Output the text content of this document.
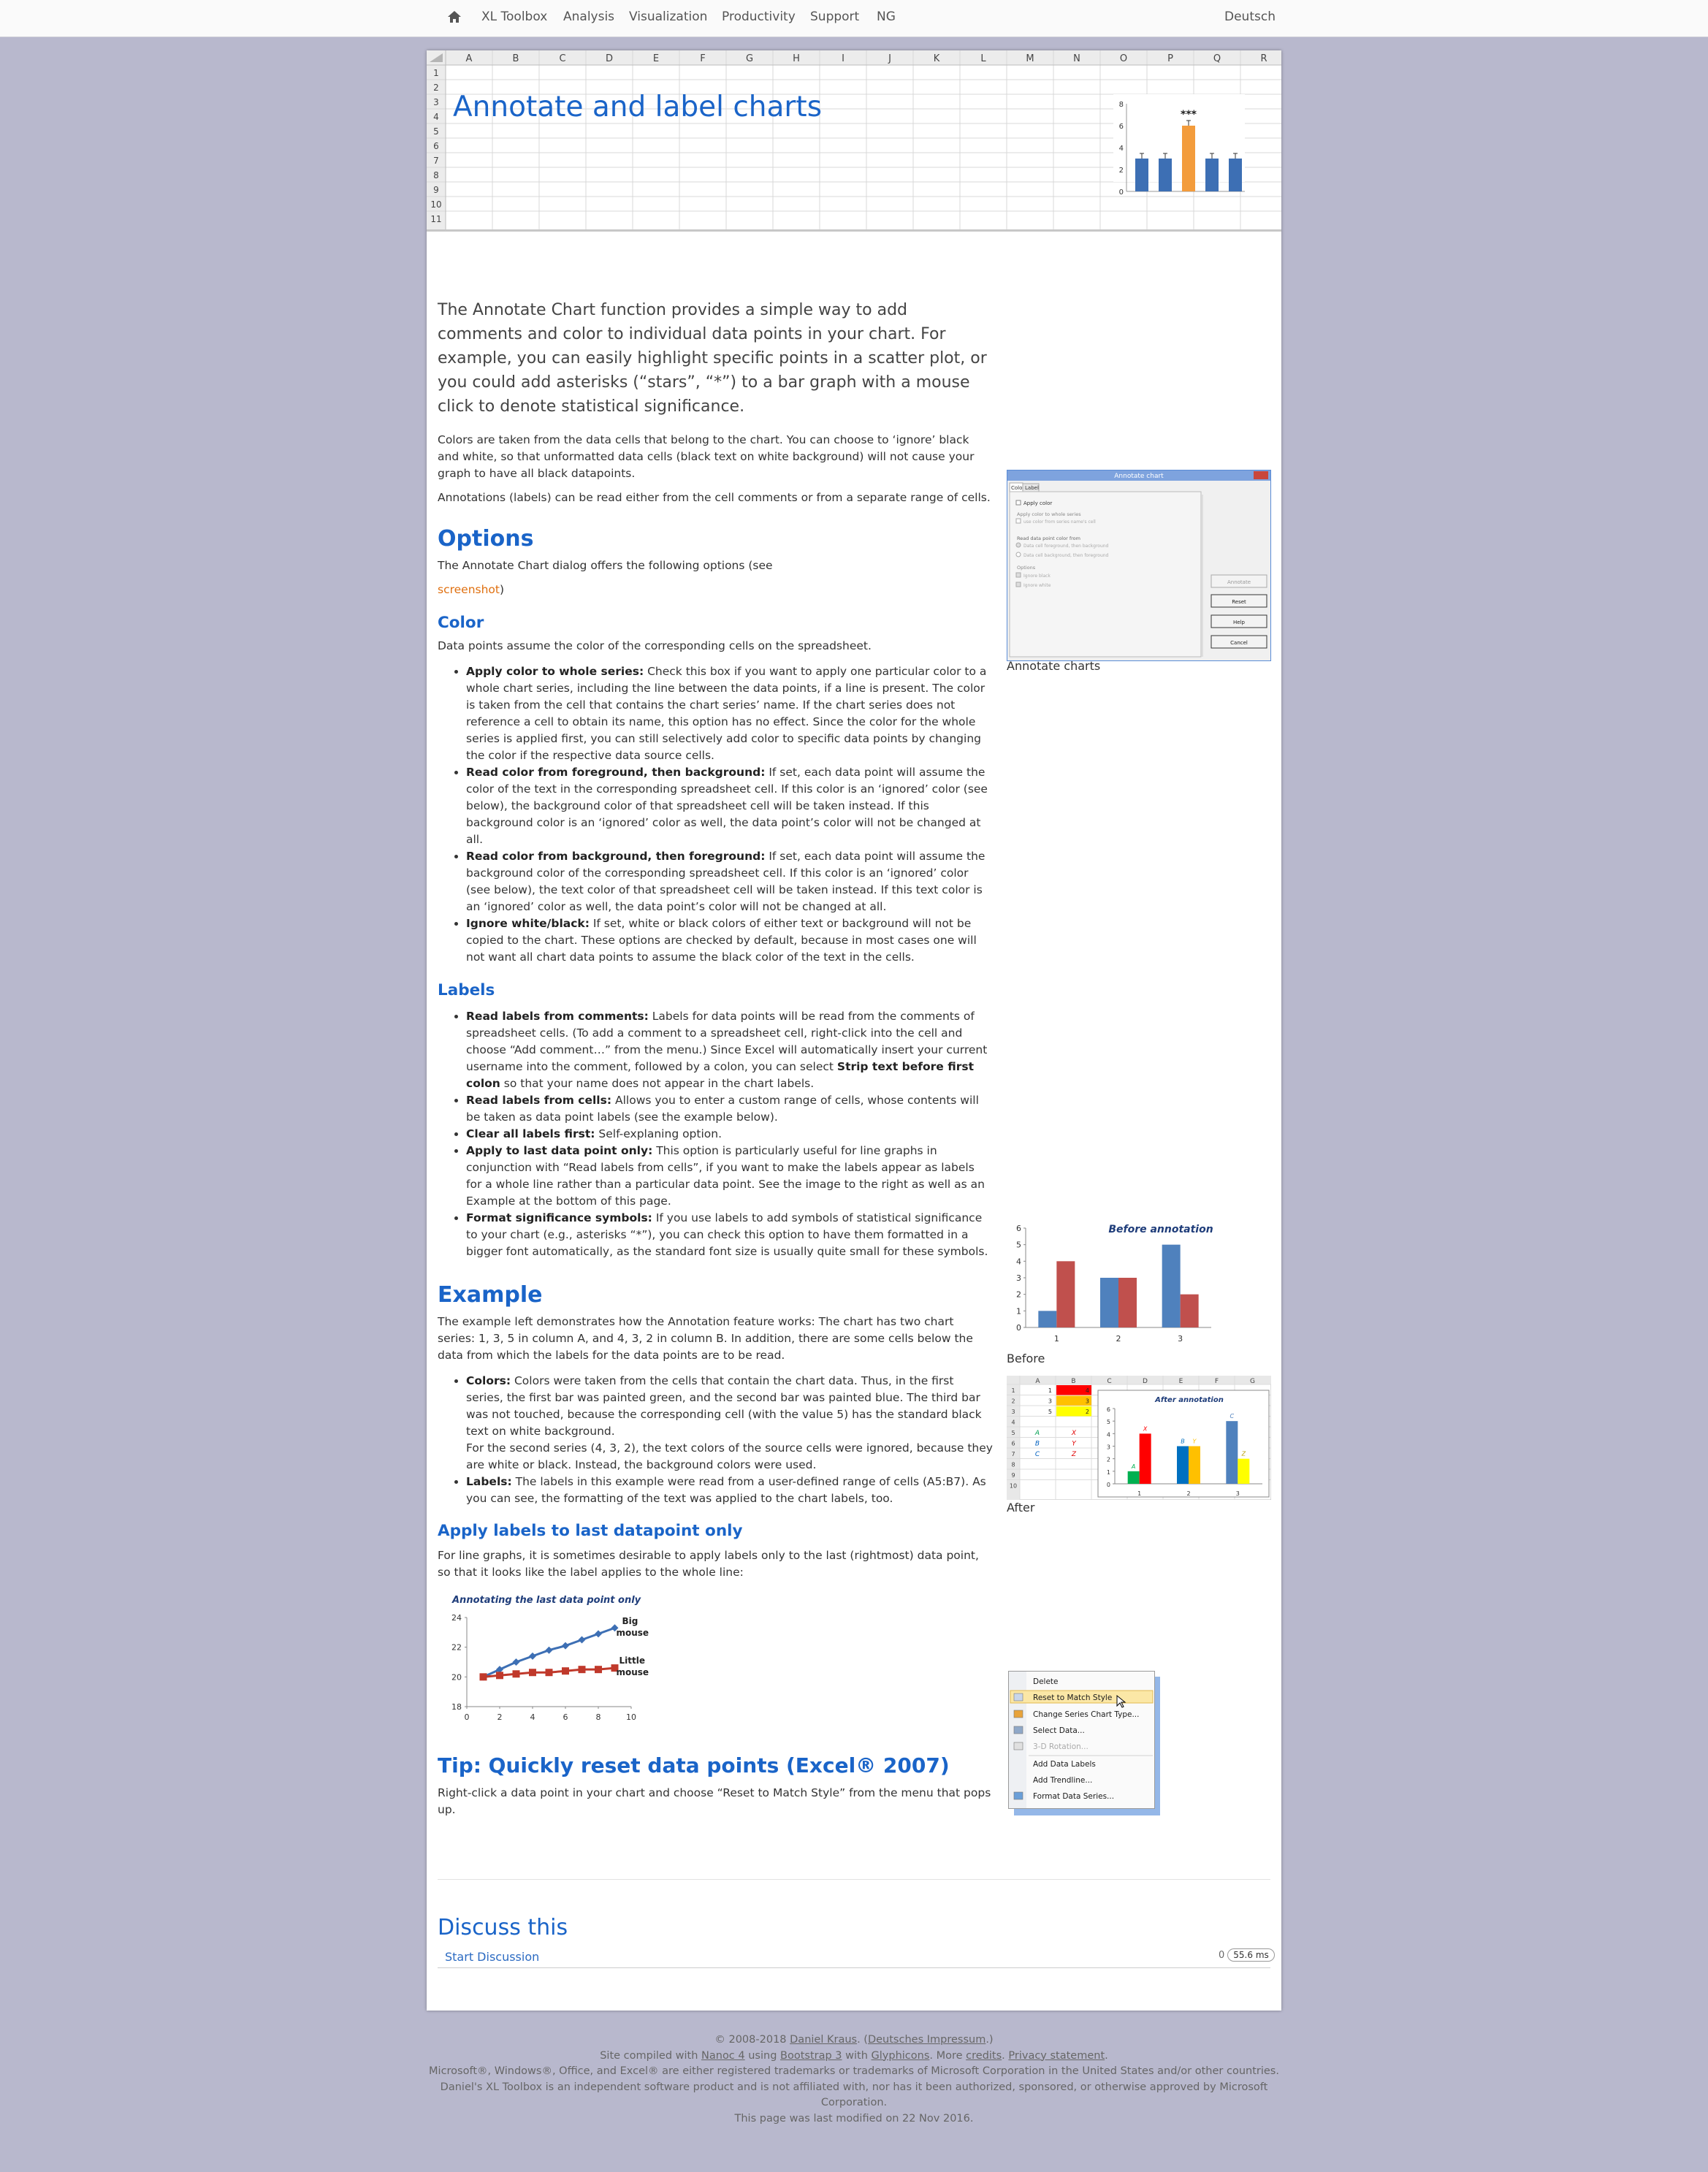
XL Toolbox Analysis Visualization Productivity Support NG	Deutsch
A	B	C	D	E	F	G	H	I	J	K	L	M	N	O	P	Q	R
1
2
3
4
5
6
7
8
9
10
11
0
2
4
6
8
***
Annotate and label charts

The Annotate Chart function provides a simple way to add comments and color to individual data points in your chart. For example, you can easily highlight specific points in a scatter plot, or you could add asterisks (“stars”, “*”) to a bar graph with a mouse click to denote statistical significance.

Colors are taken from the data cells that belong to the chart. You can choose to ‘ignore’ black and white, so that unformatted data cells (black text on white background) will not cause your graph to have all black datapoints.

Annotations (labels) can be read either from the cell comments or from a separate range of cells.

Options

The Annotate Chart dialog offers the following options (see

screenshot)

Color

Data points assume the color of the corresponding cells on the spreadsheet.

• Apply color to whole series: Check this box if you want to apply one particular color to a whole chart series, including the line between the data points, if a line is present. The color is taken from the cell that contains the chart series’ name. If the chart series does not reference a cell to obtain its name, this option has no effect. Since the color for the whole series is applied first, you can still selectively add color to specific data points by changing the color if the respective data source cells.
• Read color from foreground, then background: If set, each data point will assume the color of the text in the corresponding spreadsheet cell. If this color is an ‘ignored’ color (see below), the background color of that spreadsheet cell will be taken instead. If this background color is an ‘ignored’ color as well, the data point’s color will not be changed at all.
• Read color from background, then foreground: If set, each data point will assume the background color of the corresponding spreadsheet cell. If this color is an ‘ignored’ color (see below), the text color of that spreadsheet cell will be taken instead. If this text color is an ‘ignored’ color as well, the data point’s color will not be changed at all.
• Ignore white/black: If set, white or black colors of either text or background will not be copied to the chart. These options are checked by default, because in most cases one will not want all chart data points to assume the black color of the text in the cells.
Labels
• Read labels from comments: Labels for data points will be read from the comments of spreadsheet cells. (To add a comment to a spreadsheet cell, right-click into the cell and choose “Add comment…” from the menu.) Since Excel will automatically insert your current username into the comment, followed by a colon, you can select Strip text before first colon so that your name does not appear in the chart labels.
• Read labels from cells: Allows you to enter a custom range of cells, whose contents will be taken as data point labels (see the example below).
• Clear all labels first: Self-explaning option.
• Apply to last data point only: This option is particularly useful for line graphs in conjunction with “Read labels from cells”, if you want to make the labels appear as labels for a whole line rather than a particular data point. See the image to the right as well as an Example at the bottom of this page.
• Format significance symbols: If you use labels to add symbols of statistical significance to your chart (e.g., asterisks “*”), you can check this option to have them formatted in a bigger font automatically, as the standard font size is usually quite small for these symbols.
Example

The example left demonstrates how the Annotation feature works: The chart has two chart series: 1, 3, 5 in column A, and 4, 3, 2 in column B. In addition, there are some cells below the data from which the labels for the data points are to be read.

• Colors: Colors were taken from the cells that contain the chart data. Thus, in the first series, the first bar was painted green, and the second bar was painted blue. The third bar was not touched, because the corresponding cell (with the value 5) has the standard black text on white background.
For the second series (4, 3, 2), the text colors of the source cells were ignored, because they are white or black. Instead, the background colors were used.
• Labels: The labels in this example were read from a user-defined range of cells (A5:B7). As you can see, the formatting of the text was applied to the chart labels, too.
Apply labels to last datapoint only

For line graphs, it is sometimes desirable to apply labels only to the last (rightmost) data point, so that it looks like the label applies to the whole line:

Annotating the last data point only
18
20
22
24
0	2	4	6	8	10
Big
mouse
Little
mouse
Tip: Quickly reset data points (Excel® 2007)

Right-click a data point in your chart and choose “Reset to Match Style” from the menu that pops up.

Annotate chart
Colo Label
Apply color
Apply color to whole series
use color from series name's cell
Read data point color from
Data cell foreground, then background
Data cell background, then foreground
Options
Ignore black
Ignore white
Annotate
Reset
Help
Cancel
Annotate charts
Before annotation
0
1
2
3
4
5
6
1	2	3
Before
A	B	C	D	E	F	G
1
2
3
4
5
6
7
8
9
10
1	4
3	3
5	2
A	X
B	Y
C	Z
After annotation
0
1
2
3
4
5
6
1
A
X
2
B Y
3
C
Z
After
Delete
Reset to Match Style
Change Series Chart Type...
Select Data...
3-D Rotation...
Add Data Labels
Add Trendline...
Format Data Series...
Discuss this
Start Discussion	0 55.6 ms
© 2008-2018 Daniel Kraus. (Deutsches Impressum.)
Site compiled with Nanoc 4 using Bootstrap 3 with Glyphicons. More credits. Privacy statement.
Microsoft®, Windows®, Office, and Excel® are either registered trademarks or trademarks of Microsoft Corporation in the United States and/or other countries.
Daniel's XL Toolbox is an independent software product and is not affiliated with, nor has it been authorized, sponsored, or otherwise approved by Microsoft Corporation.
This page was last modified on 22 Nov 2016.
